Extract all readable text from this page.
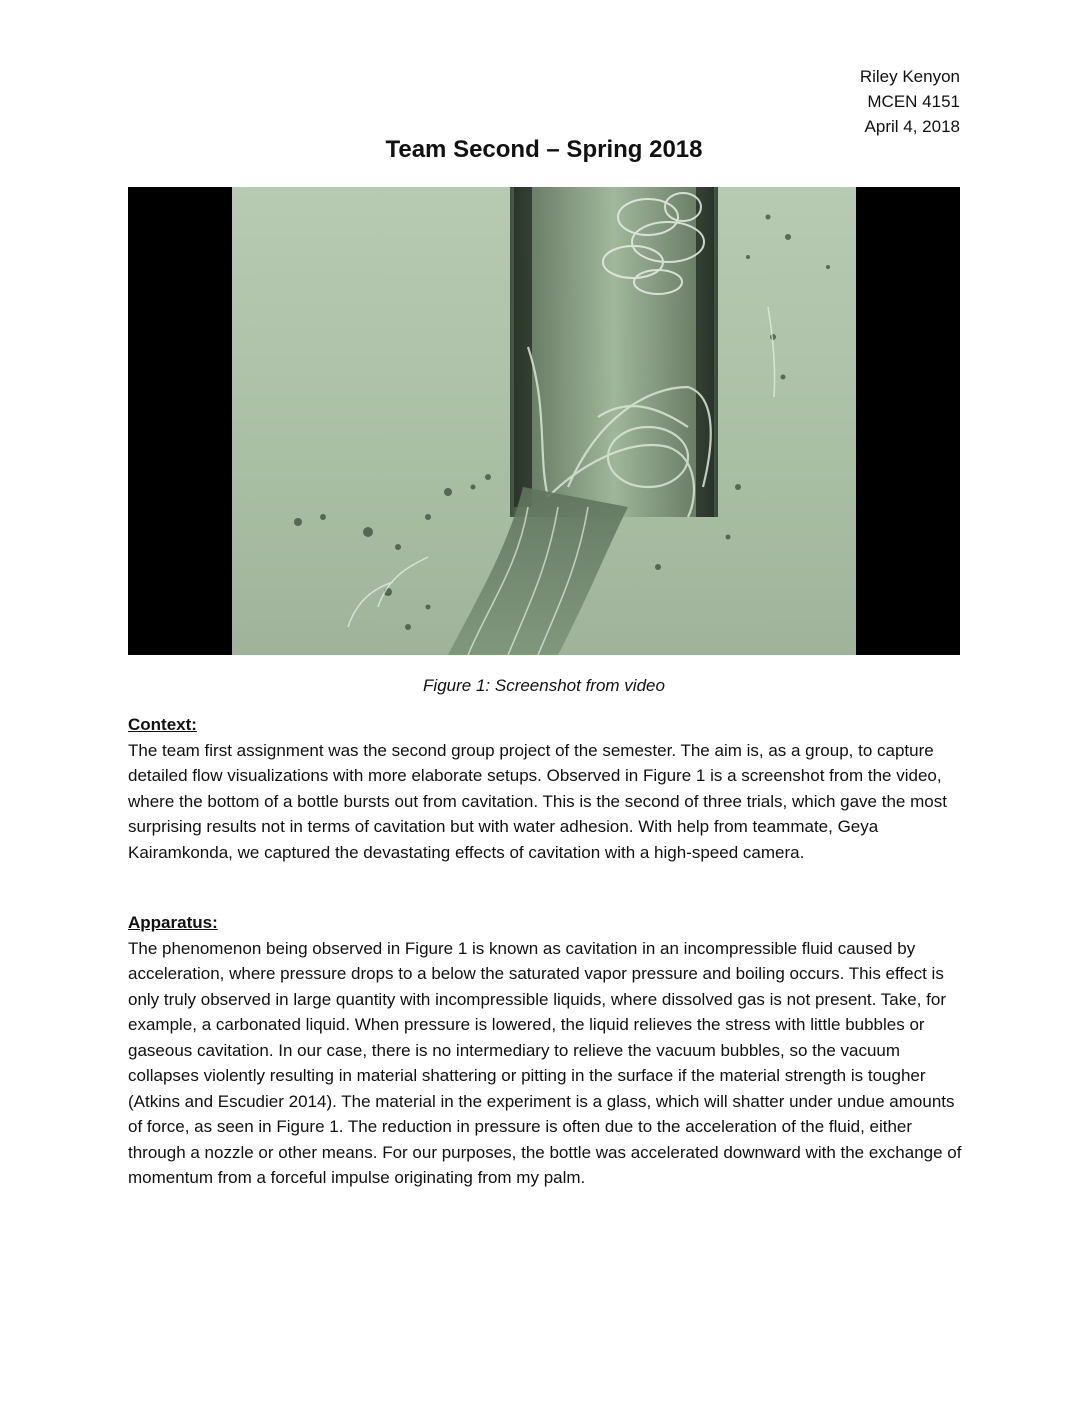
Riley Kenyon
MCEN 4151
April 4, 2018
Team Second – Spring 2018
Figure 1: Screenshot from video
Context:

The team first assignment was the second group project of the semester. The aim is, as a group, to capture detailed flow visualizations with more elaborate setups. Observed in Figure 1 is a screenshot from the video, where the bottom of a bottle bursts out from cavitation. This is the second of three trials, which gave the most surprising results not in terms of cavitation but with water adhesion. With help from teammate, Geya Kairamkonda, we captured the devastating effects of cavitation with a high-speed camera.

Apparatus:

The phenomenon being observed in Figure 1 is known as cavitation in an incompressible fluid caused by acceleration, where pressure drops to a below the saturated vapor pressure and boiling occurs. This effect is only truly observed in large quantity with incompressible liquids, where dissolved gas is not present. Take, for example, a carbonated liquid. When pressure is lowered, the liquid relieves the stress with little bubbles or gaseous cavitation. In our case, there is no intermediary to relieve the vacuum bubbles, so the vacuum collapses violently resulting in material shattering or pitting in the surface if the material strength is tougher (Atkins and Escudier 2014). The material in the experiment is a glass, which will shatter under undue amounts of force, as seen in Figure 1. The reduction in pressure is often due to the acceleration of the fluid, either through a nozzle or other means. For our purposes, the bottle was accelerated downward with the exchange of momentum from a forceful impulse originating from my palm.
